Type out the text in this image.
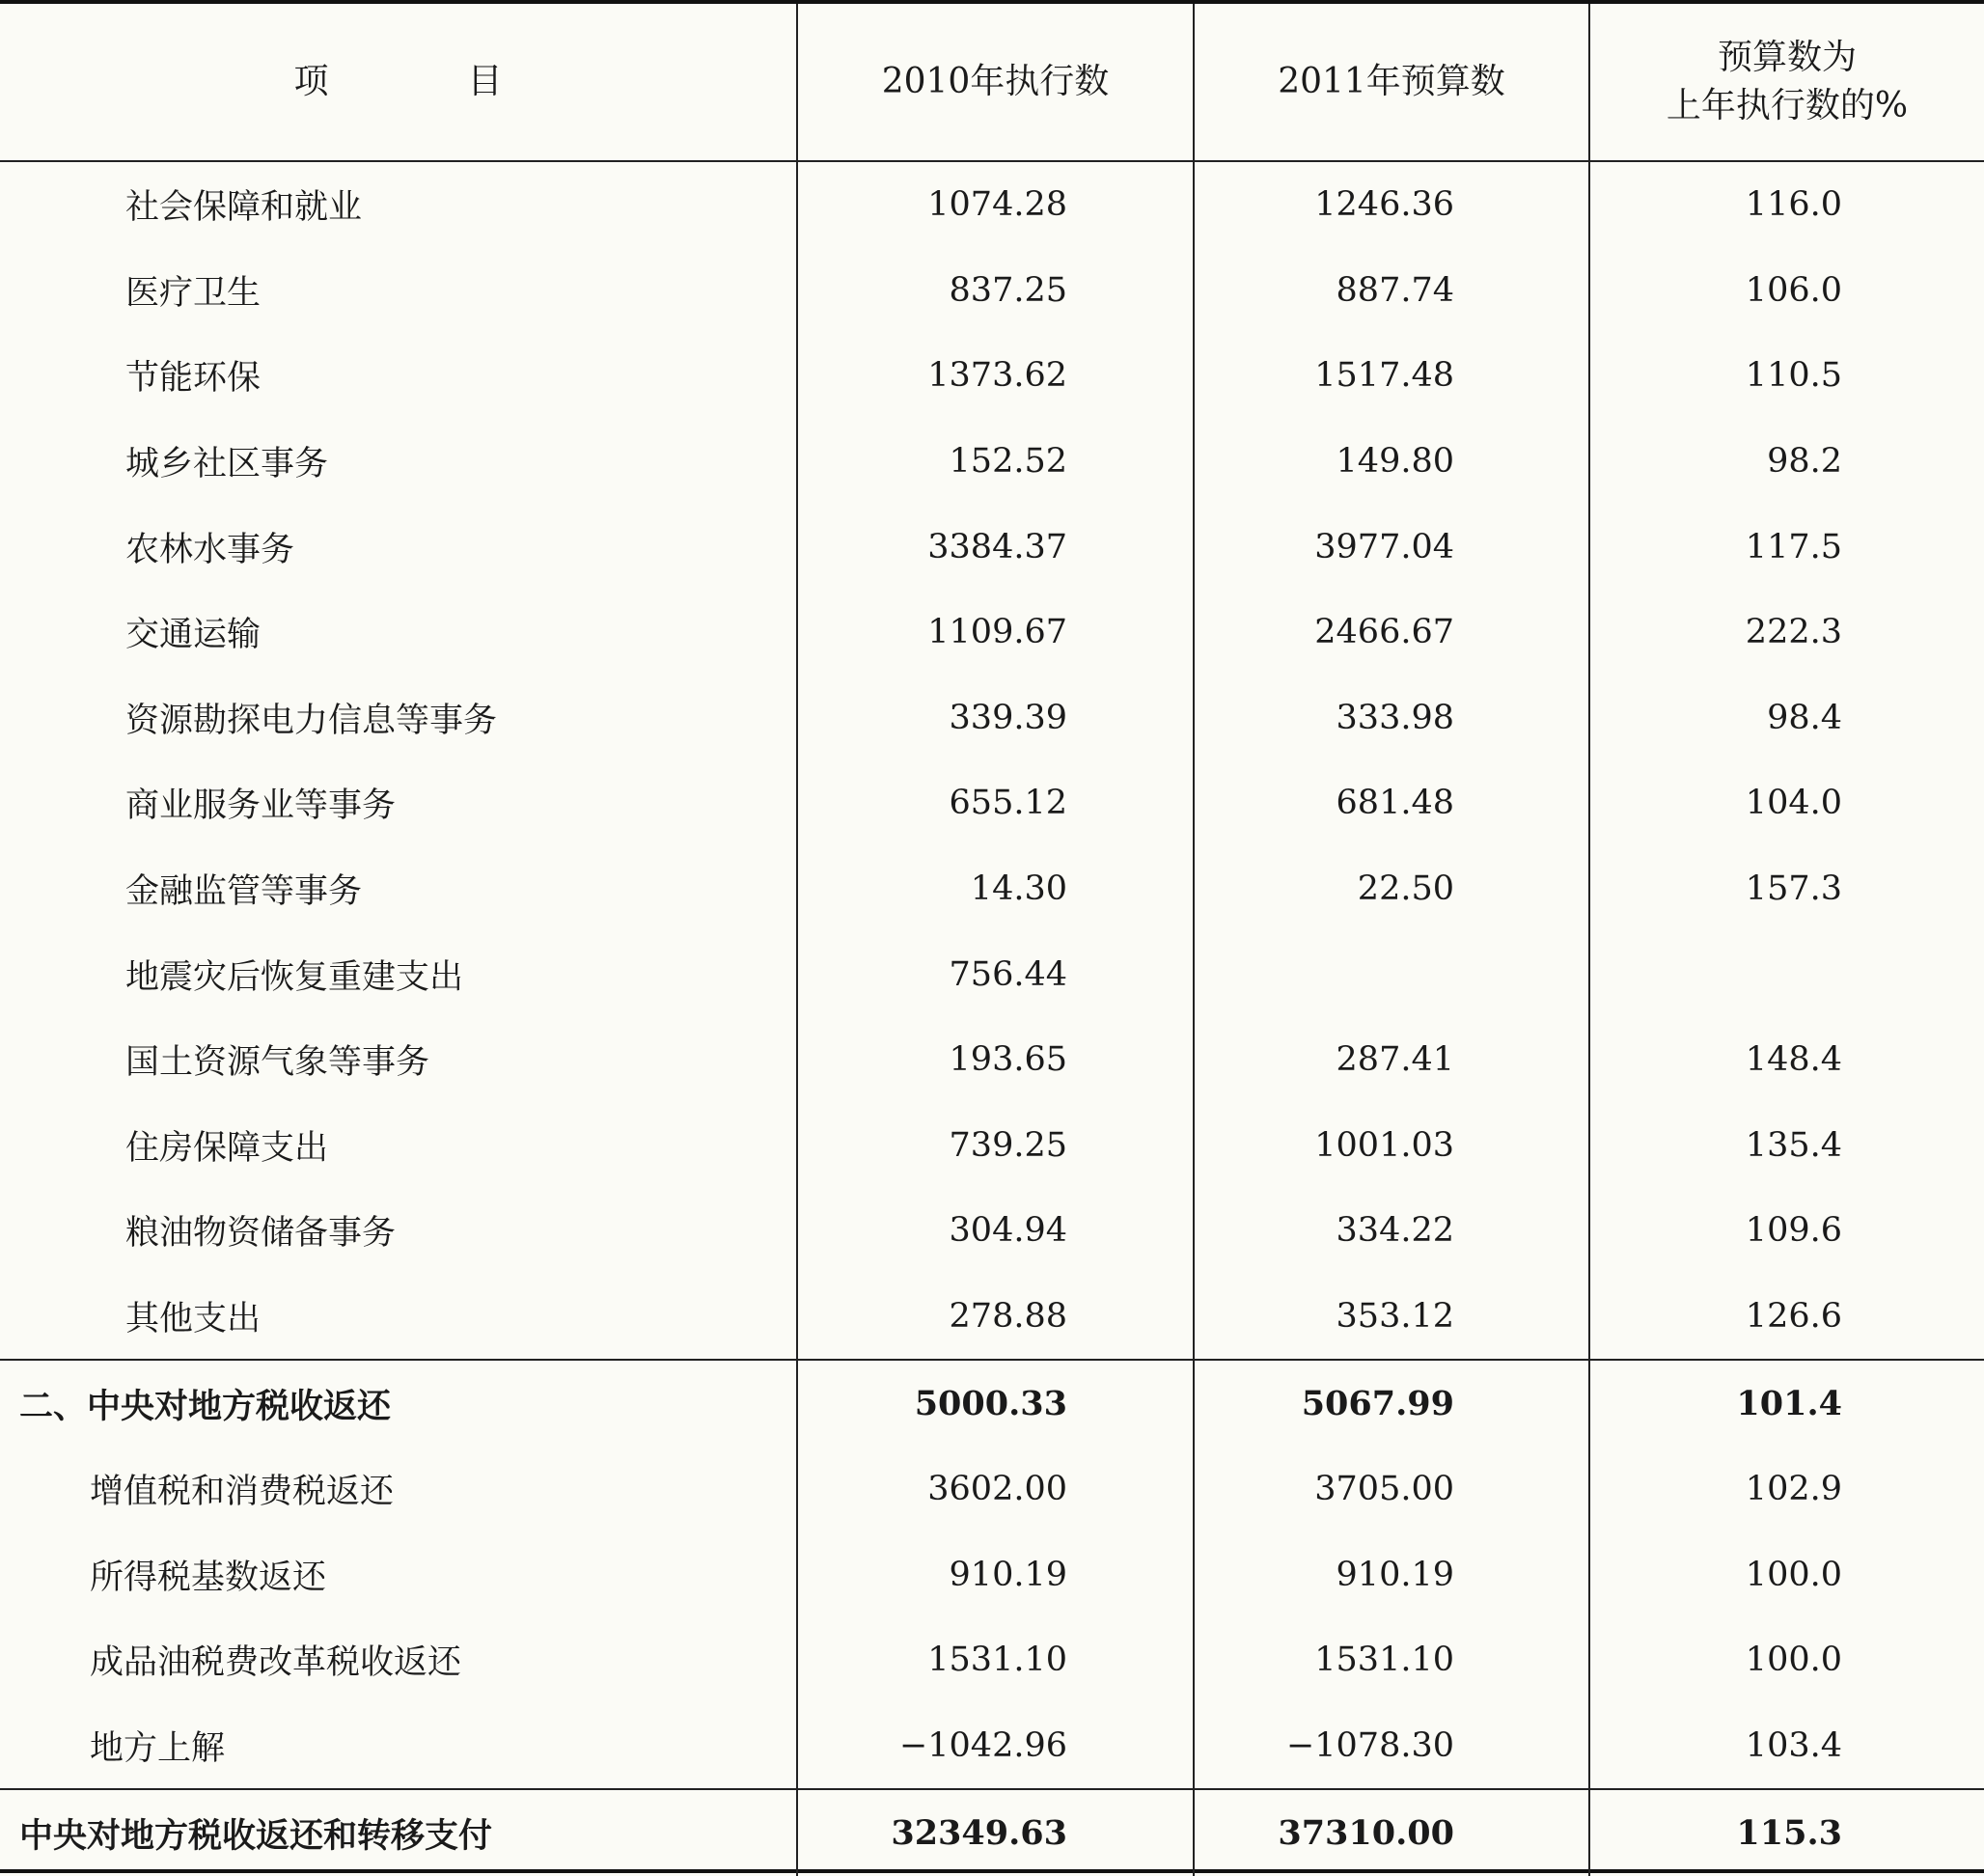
项　　　　目	2010年执行数	2011年预算数	预算数为
上年执行数的%

社会保障和就业	1074.28	1246.36	116.0
医疗卫生	837.25	887.74	106.0
节能环保	1373.62	1517.48	110.5
城乡社区事务	152.52	149.80	98.2
农林水事务	3384.37	3977.04	117.5
交通运输	1109.67	2466.67	222.3
资源勘探电力信息等事务	339.39	333.98	98.4
商业服务业等事务	655.12	681.48	104.0
金融监管等事务	14.30	22.50	157.3
地震灾后恢复重建支出	756.44		
国土资源气象等事务	193.65	287.41	148.4
住房保障支出	739.25	1001.03	135.4
粮油物资储备事务	304.94	334.22	109.6
其他支出	278.88	353.12	126.6
二、中央对地方税收返还	5000.33	5067.99	101.4
增值税和消费税返还	3602.00	3705.00	102.9
所得税基数返还	910.19	910.19	100.0
成品油税费改革税收返还	1531.10	1531.10	100.0
地方上解	−1042.96	−1078.30	103.4
中央对地方税收返还和转移支付	32349.63	37310.00	115.3
